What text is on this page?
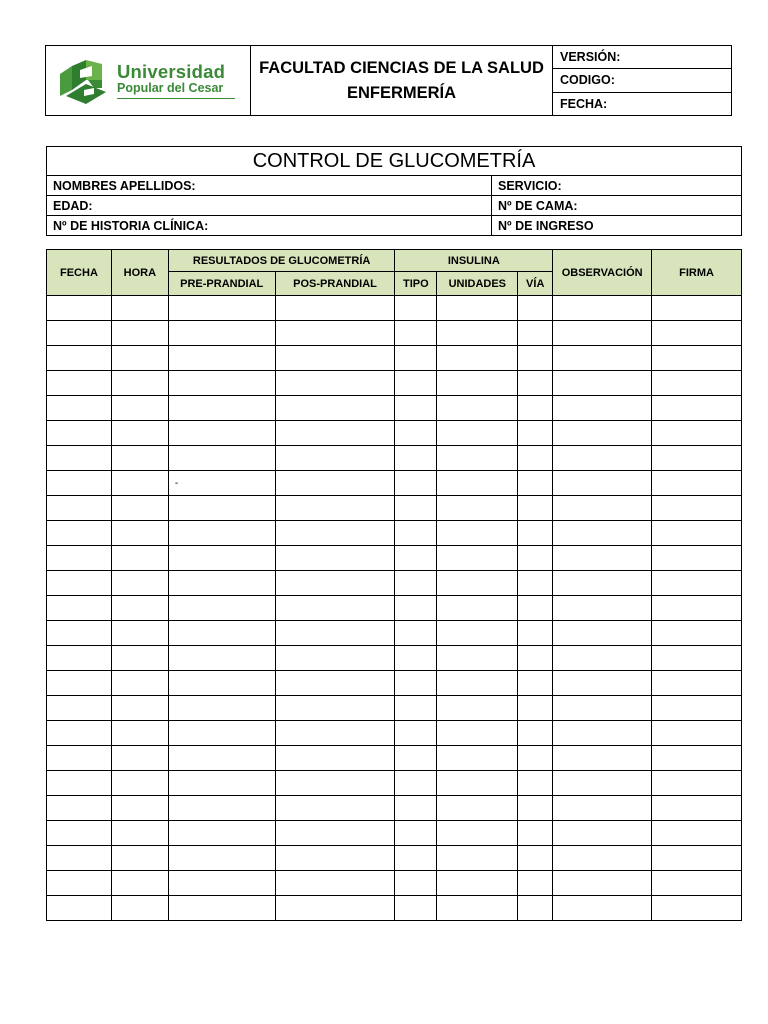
Universidad
Popular del Cesar

FACULTAD CIENCIAS DE LA SALUD
ENFERMERÍA
	VERSIÓN:
CODIGO:
FECHA:
CONTROL DE GLUCOMETRÍA	
NOMBRES APELLIDOS:	SERVICIO:
EDAD:	Nº DE CAMA:
Nº DE HISTORIA CLÍNICA:	Nº DE INGRESO
FECHA	HORA	RESULTADOS DE GLUCOMETRÍA		INSULINA			OBSERVACIÓN	FIRMA
		PRE-PRANDIAL	POS-PRANDIAL	TIPO	UNIDADES	VÍA		

		-						
